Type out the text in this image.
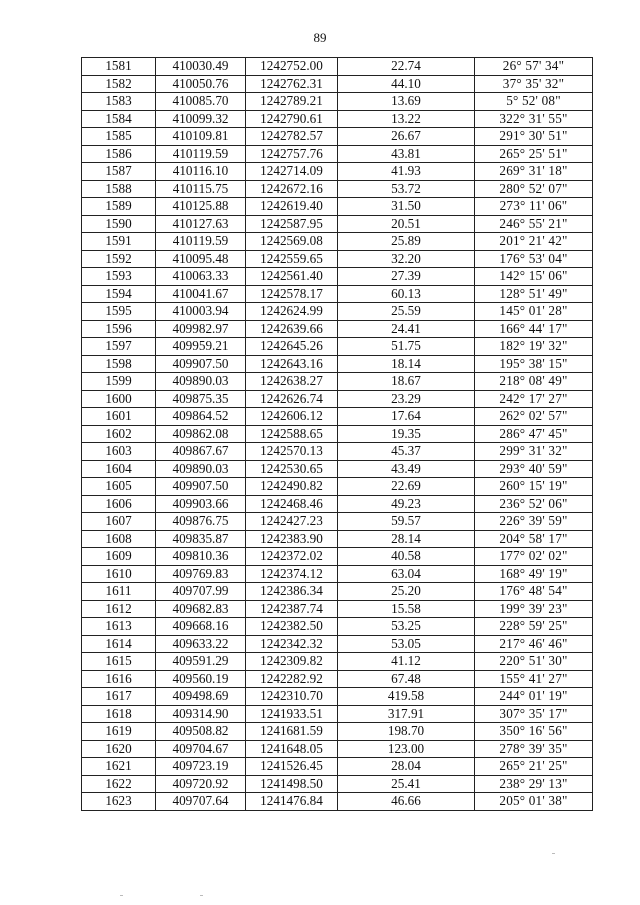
89
1581	410030.49	1242752.00	22.74	26° 57' 34"
1582	410050.76	1242762.31	44.10	37° 35' 32"
1583	410085.70	1242789.21	13.69	5° 52' 08"
1584	410099.32	1242790.61	13.22	322° 31' 55"
1585	410109.81	1242782.57	26.67	291° 30' 51"
1586	410119.59	1242757.76	43.81	265° 25' 51"
1587	410116.10	1242714.09	41.93	269° 31' 18"
1588	410115.75	1242672.16	53.72	280° 52' 07"
1589	410125.88	1242619.40	31.50	273° 11' 06"
1590	410127.63	1242587.95	20.51	246° 55' 21"
1591	410119.59	1242569.08	25.89	201° 21' 42"
1592	410095.48	1242559.65	32.20	176° 53' 04"
1593	410063.33	1242561.40	27.39	142° 15' 06"
1594	410041.67	1242578.17	60.13	128° 51' 49"
1595	410003.94	1242624.99	25.59	145° 01' 28"
1596	409982.97	1242639.66	24.41	166° 44' 17"
1597	409959.21	1242645.26	51.75	182° 19' 32"
1598	409907.50	1242643.16	18.14	195° 38' 15"
1599	409890.03	1242638.27	18.67	218° 08' 49"
1600	409875.35	1242626.74	23.29	242° 17' 27"
1601	409864.52	1242606.12	17.64	262° 02' 57"
1602	409862.08	1242588.65	19.35	286° 47' 45"
1603	409867.67	1242570.13	45.37	299° 31' 32"
1604	409890.03	1242530.65	43.49	293° 40' 59"
1605	409907.50	1242490.82	22.69	260° 15' 19"
1606	409903.66	1242468.46	49.23	236° 52' 06"
1607	409876.75	1242427.23	59.57	226° 39' 59"
1608	409835.87	1242383.90	28.14	204° 58' 17"
1609	409810.36	1242372.02	40.58	177° 02' 02"
1610	409769.83	1242374.12	63.04	168° 49' 19"
1611	409707.99	1242386.34	25.20	176° 48' 54"
1612	409682.83	1242387.74	15.58	199° 39' 23"
1613	409668.16	1242382.50	53.25	228° 59' 25"
1614	409633.22	1242342.32	53.05	217° 46' 46"
1615	409591.29	1242309.82	41.12	220° 51' 30"
1616	409560.19	1242282.92	67.48	155° 41' 27"
1617	409498.69	1242310.70	419.58	244° 01' 19"
1618	409314.90	1241933.51	317.91	307° 35' 17"
1619	409508.82	1241681.59	198.70	350° 16' 56"
1620	409704.67	1241648.05	123.00	278° 39' 35"
1621	409723.19	1241526.45	28.04	265° 21' 25"
1622	409720.92	1241498.50	25.41	238° 29' 13"
1623	409707.64	1241476.84	46.66	205° 01' 38"
